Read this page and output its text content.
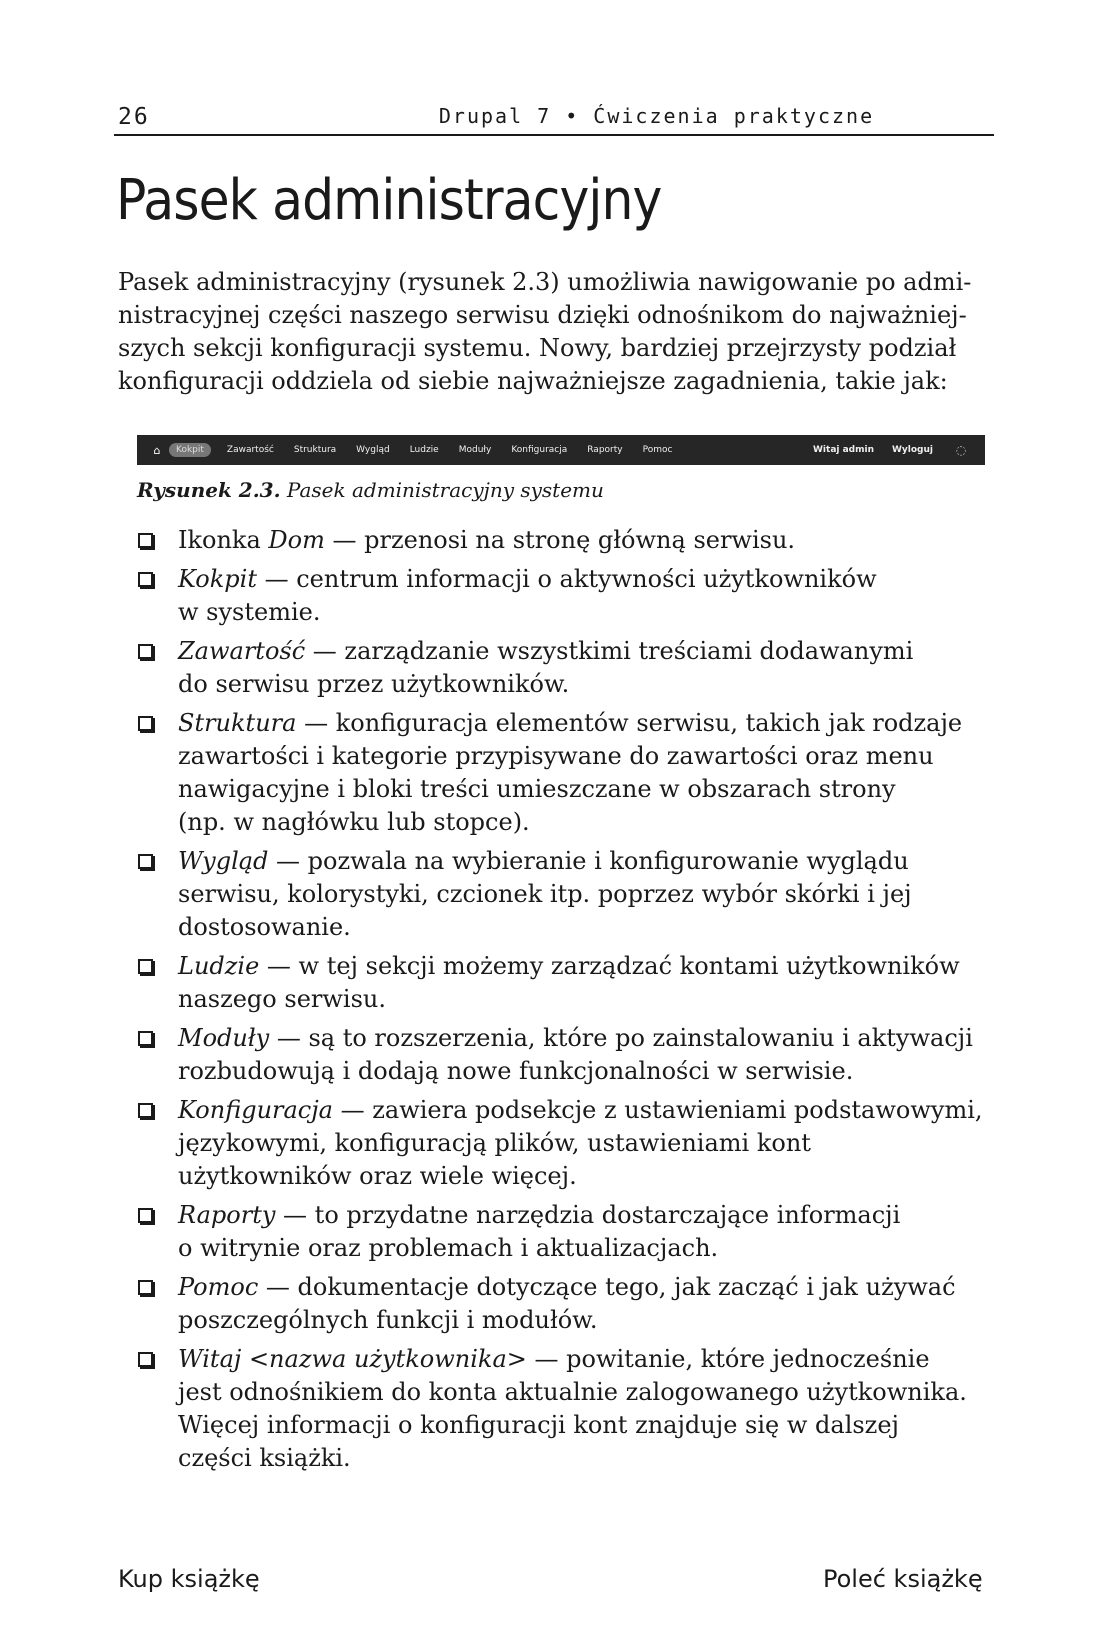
26	Drupal 7 • Ćwiczenia praktyczne
Pasek administracyjny

Pasek administracyjny (rysunek 2.3) umożliwia nawigowanie po admi-
nistracyjnej części naszego serwisu dzięki odnośnikom do najważniej-
szych sekcji konfiguracji systemu. Nowy, bardziej przejrzysty podział
konfiguracji oddziela od siebie najważniejsze zagadnienia, takie jak:

⌂	Kokpit	Zawartość Struktura Wygląd Ludzie Moduły Konfiguracja Raporty Pomoc	Witaj admin Wyloguj	◌

Rysunek 2.3. Pasek administracyjny systemu

Ikonka Dom — przenosi na stronę główną serwisu.
Kokpit — centrum informacji o aktywności użytkowników
w systemie.
Zawartość — zarządzanie wszystkimi treściami dodawanymi
do serwisu przez użytkowników.
Struktura — konfiguracja elementów serwisu, takich jak rodzaje
zawartości i kategorie przypisywane do zawartości oraz menu
nawigacyjne i bloki treści umieszczane w obszarach strony
(np. w nagłówku lub stopce).
Wygląd — pozwala na wybieranie i konfigurowanie wyglądu
serwisu, kolorystyki, czcionek itp. poprzez wybór skórki i jej
dostosowanie.
Ludzie — w tej sekcji możemy zarządzać kontami użytkowników
naszego serwisu.
Moduły — są to rozszerzenia, które po zainstalowaniu i aktywacji
rozbudowują i dodają nowe funkcjonalności w serwisie.
Konfiguracja — zawiera podsekcje z ustawieniami podstawowymi,
językowymi, konfiguracją plików, ustawieniami kont
użytkowników oraz wiele więcej.
Raporty — to przydatne narzędzia dostarczające informacji
o witrynie oraz problemach i aktualizacjach.
Pomoc — dokumentacje dotyczące tego, jak zacząć i jak używać
poszczególnych funkcji i modułów.
Witaj <nazwa użytkownika> — powitanie, które jednocześnie
jest odnośnikiem do konta aktualnie zalogowanego użytkownika.
Więcej informacji o konfiguracji kont znajduje się w dalszej
części książki.
Kup książkę	Poleć książkę
